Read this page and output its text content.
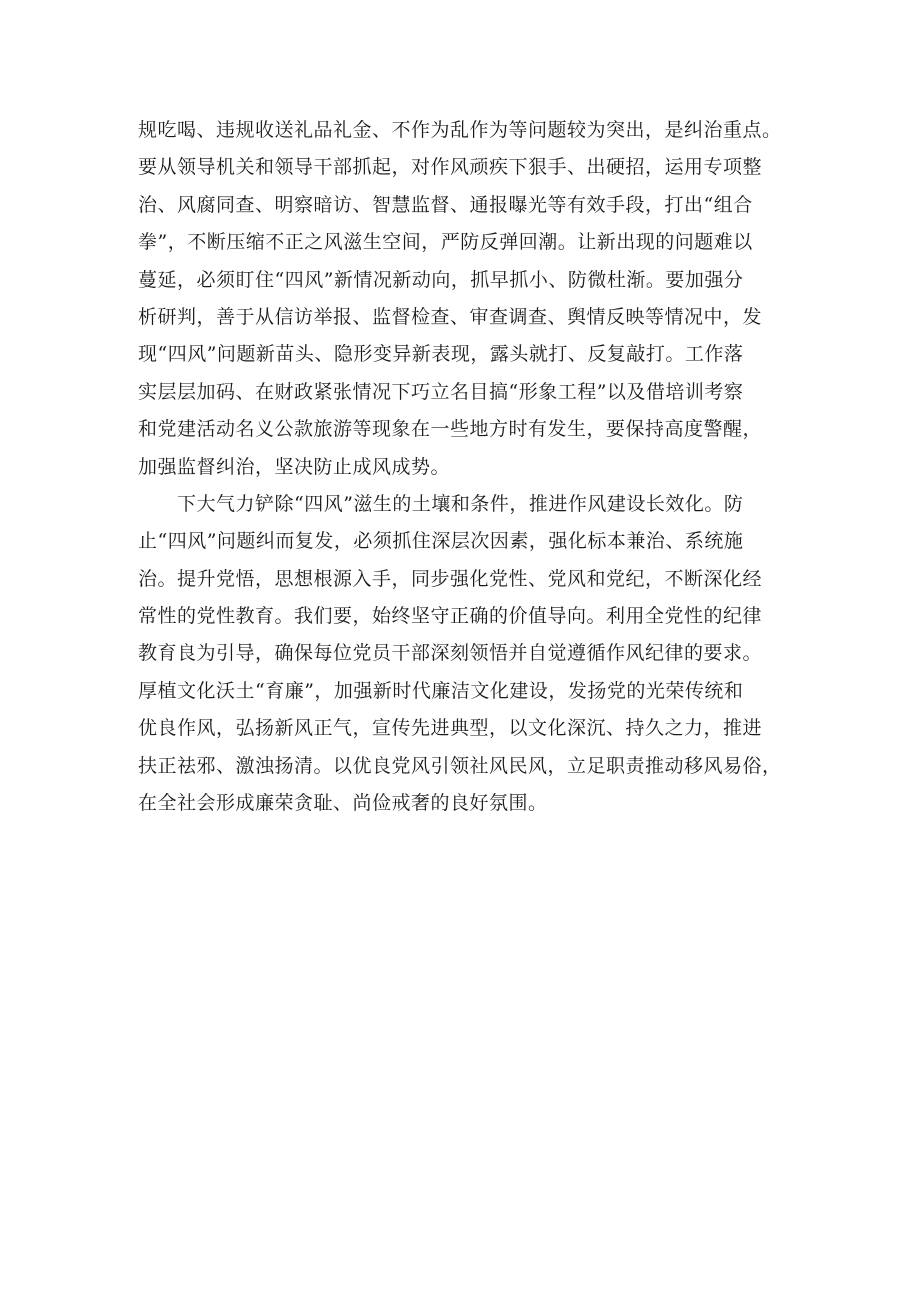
规吃喝、违规收送礼品礼金、不作为乱作为等问题较为突出，是纠治重点。
要从领导机关和领导干部抓起，对作风顽疾下狠手、出硬招，运用专项整
治、风腐同查、明察暗访、智慧监督、通报曝光等有效手段，打出“组合
拳”，不断压缩不正之风滋生空间，严防反弹回潮。让新出现的问题难以
蔓延，必须盯住“四风”新情况新动向，抓早抓小、防微杜渐。要加强分
析研判，善于从信访举报、监督检查、审查调查、舆情反映等情况中，发
现“四风”问题新苗头、隐形变异新表现，露头就打、反复敲打。工作落
实层层加码、在财政紧张情况下巧立名目搞“形象工程”以及借培训考察
和党建活动名义公款旅游等现象在一些地方时有发生，要保持高度警醒，
加强监督纠治，坚决防止成风成势。
　　下大气力铲除“四风”滋生的土壤和条件，推进作风建设长效化。防
止“四风”问题纠而复发，必须抓住深层次因素，强化标本兼治、系统施
治。提升党悟，思想根源入手，同步强化党性、党风和党纪，不断深化经
常性的党性教育。我们要，始终坚守正确的价值导向。利用全党性的纪律
教育良为引导，确保每位党员干部深刻领悟并自觉遵循作风纪律的要求。
厚植文化沃土“育廉”，加强新时代廉洁文化建设，发扬党的光荣传统和
优良作风，弘扬新风正气，宣传先进典型，以文化深沉、持久之力，推进
扶正祛邪、激浊扬清。以优良党风引领社风民风，立足职责推动移风易俗，
在全社会形成廉荣贪耻、尚俭戒奢的良好氛围。
